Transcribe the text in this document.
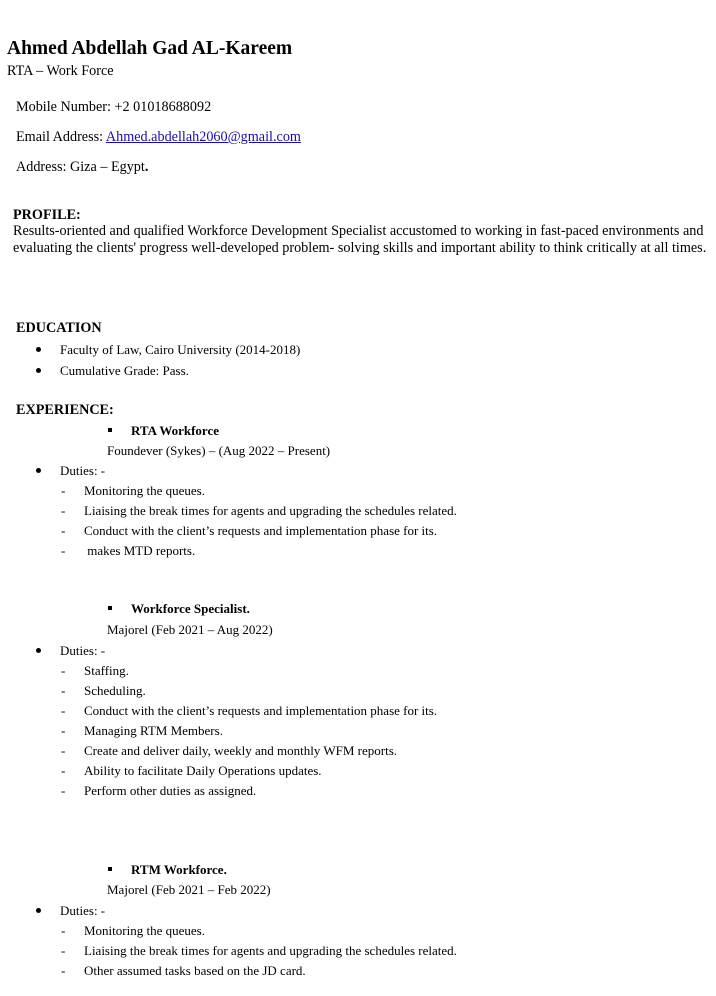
Ahmed Abdellah Gad AL-Kareem
RTA – Work Force
Mobile Number: +2 01018688092
Email Address: Ahmed.abdellah2060@gmail.com
Address: Giza – Egypt.
PROFILE:
Results-oriented and qualified Workforce Development Specialist accustomed to working in fast-paced environments and evaluating the clients' progress well-developed problem- solving skills and important ability to think critically at all times.
EDUCATION
Faculty of Law, Cairo University (2014-2018)
Cumulative Grade: Pass.
EXPERIENCE:
RTA Workforce
Foundever (Sykes) – (Aug 2022 – Present)
Duties: -
- Monitoring the queues.
- Liaising the break times for agents and upgrading the schedules related.
- Conduct with the client’s requests and implementation phase for its.
- makes MTD reports.
Workforce Specialist.
Majorel (Feb 2021 – Aug 2022)
Duties: -
- Staffing.
- Scheduling.
- Conduct with the client’s requests and implementation phase for its.
- Managing RTM Members.
- Create and deliver daily, weekly and monthly WFM reports.
- Ability to facilitate Daily Operations updates.
- Perform other duties as assigned.
RTM Workforce.
Majorel (Feb 2021 – Feb 2022)
Duties: -
- Monitoring the queues.
- Liaising the break times for agents and upgrading the schedules related.
- Other assumed tasks based on the JD card.
